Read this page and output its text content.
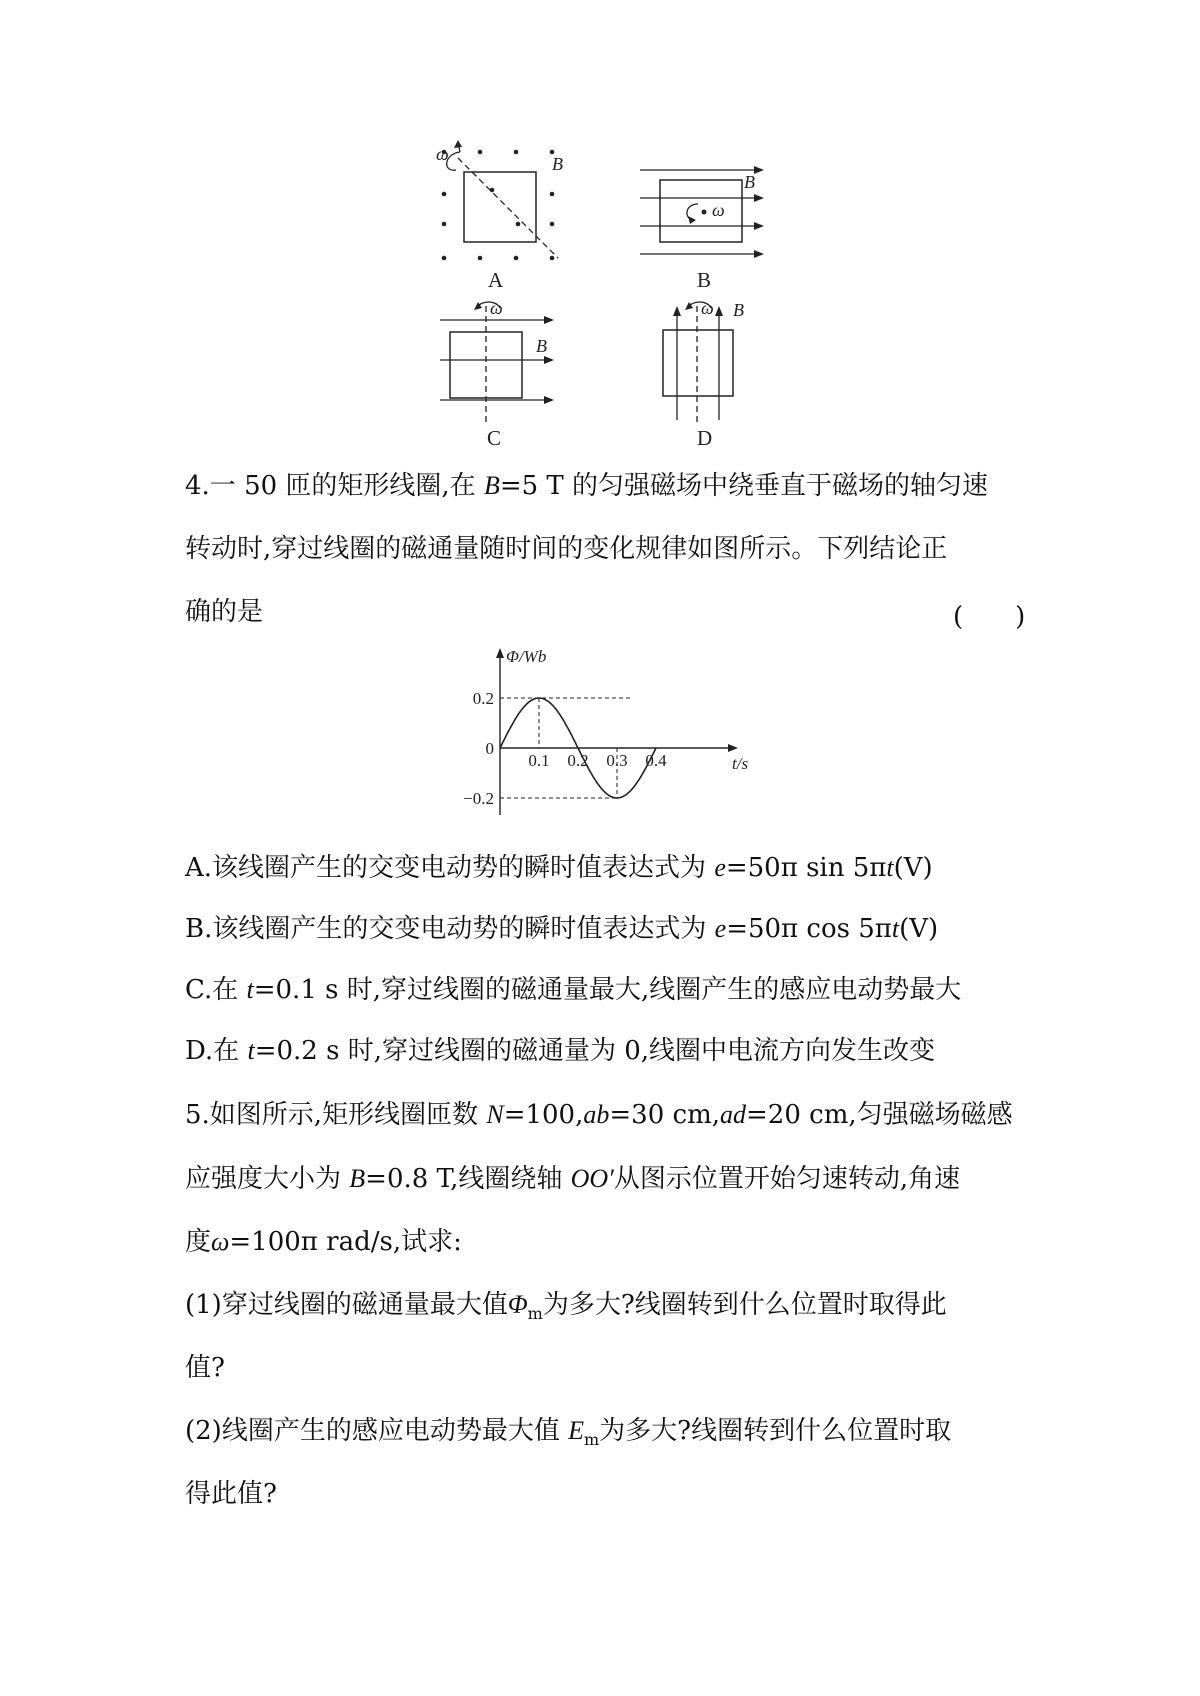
ω	B
A
ω
B
B
ω
B
C
ω B
D
4.一 50 匝的矩形线圈,在 B=5 T 的匀强磁场中绕垂直于磁场的轴匀速
转动时,穿过线圈的磁通量随时间的变化规律如图所示。下列结论正
确的是	(　　)
Φ/Wb
t/s
0.1 0.2 0.3 0.4
0.2
0
−0.2
A.该线圈产生的交变电动势的瞬时值表达式为 e=50π sin 5πt(V)
B.该线圈产生的交变电动势的瞬时值表达式为 e=50π cos 5πt(V)
C.在 t=0.1 s 时,穿过线圈的磁通量最大,线圈产生的感应电动势最大
D.在 t=0.2 s 时,穿过线圈的磁通量为 0,线圈中电流方向发生改变
5.如图所示,矩形线圈匝数 N=100,ab=30 cm,ad=20 cm,匀强磁场磁感
应强度大小为 B=0.8 T,线圈绕轴 OO′从图示位置开始匀速转动,角速
度ω=100π rad/s,试求:
(1)穿过线圈的磁通量最大值$\Phi_m$为多大?线圈转到什么位置时取得此
值?
(2)线圈产生的感应电动势最大值 $E_m$为多大?线圈转到什么位置时取
得此值?
